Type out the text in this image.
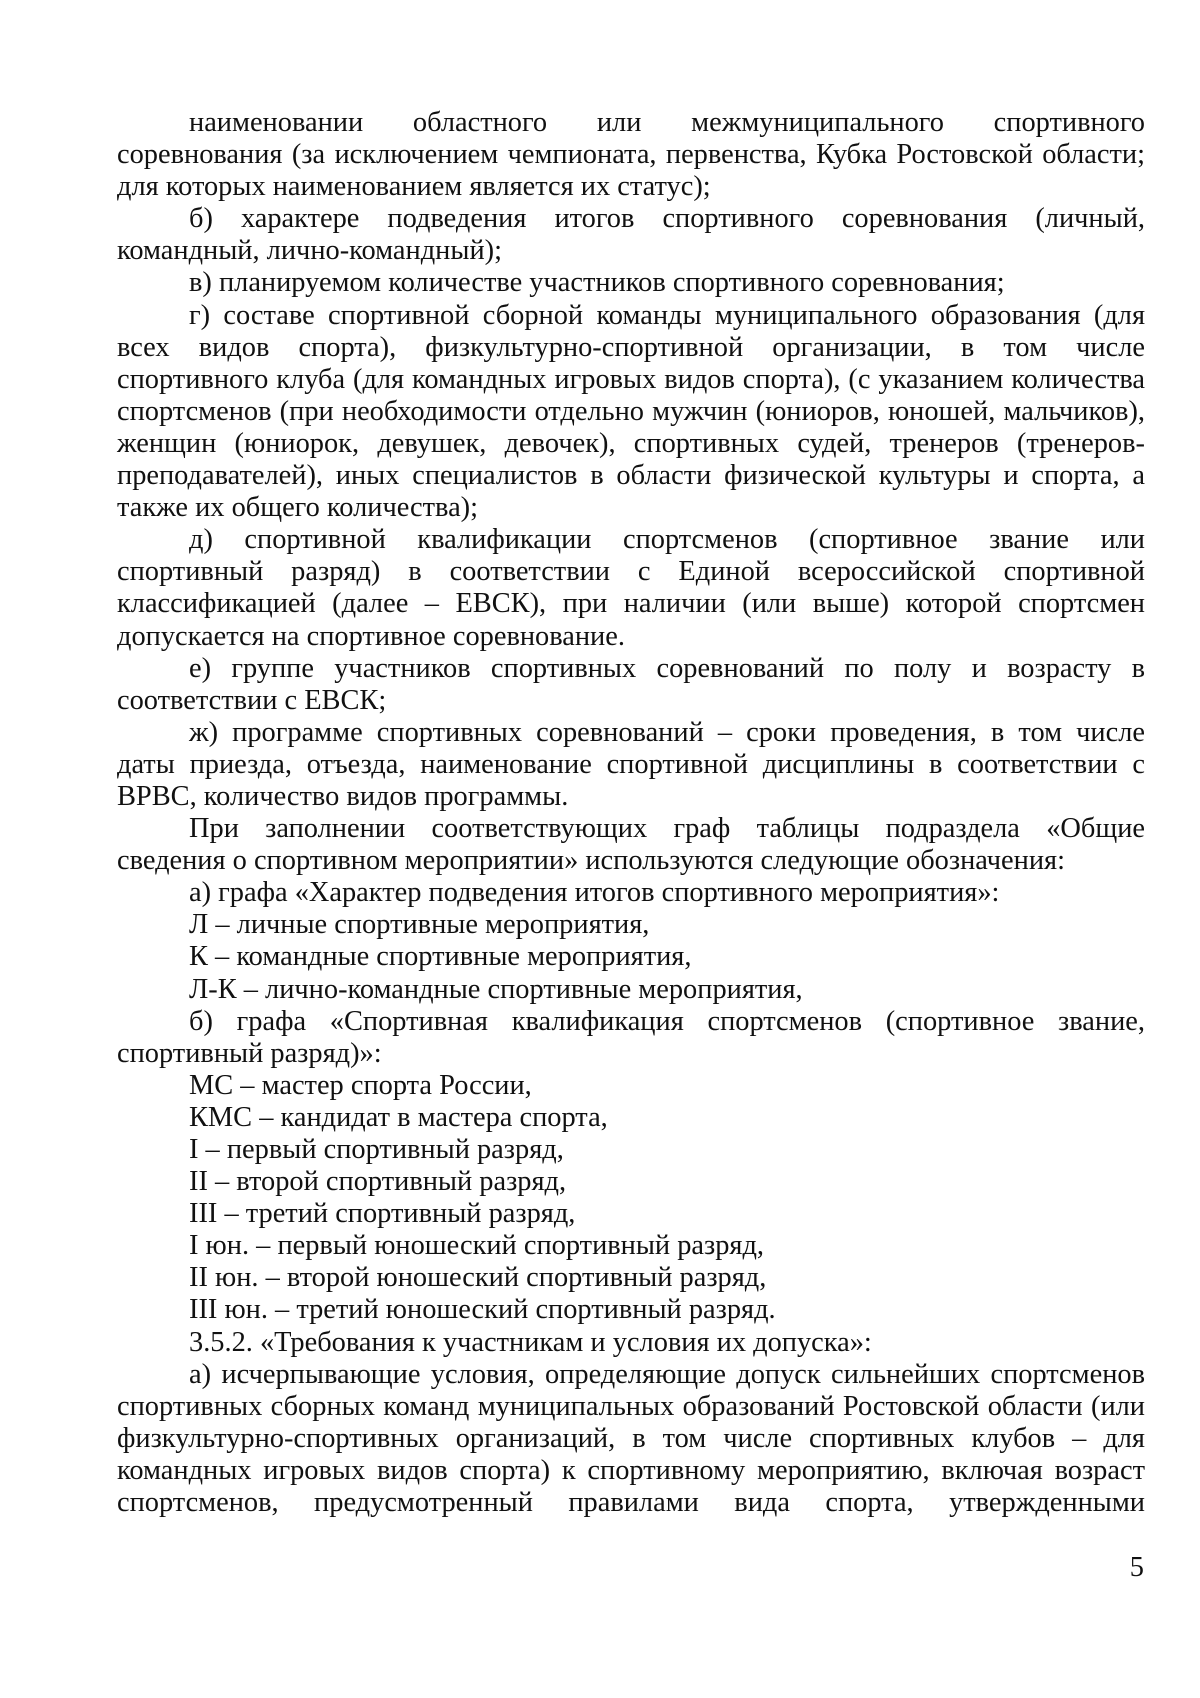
наименовании областного или межмуниципального спортивного соревнования (за исключением чемпионата, первенства, Кубка Ростовской области; для которых наименованием является их статус);

б) характере подведения итогов спортивного соревнования (личный, командный, лично-командный);

в) планируемом количестве участников спортивного соревнования;

г) составе спортивной сборной команды муниципального образования (для всех видов спорта), физкультурно-спортивной организации, в том числе спортивного клуба (для командных игровых видов спорта), (с указанием количества спортсменов (при необходимости отдельно мужчин (юниоров, юношей, мальчиков), женщин (юниорок, девушек, девочек), спортивных судей, тренеров (тренеров-преподавателей), иных специалистов в области физической культуры и спорта, а также их общего количества);

д) спортивной квалификации спортсменов (спортивное звание или спортивный разряд) в соответствии с Единой всероссийской спортивной классификацией (далее – ЕВСК), при наличии (или выше) которой спортсмен допускается на спортивное соревнование.

е) группе участников спортивных соревнований по полу и возрасту в соответствии с ЕВСК;

ж) программе спортивных соревнований – сроки проведения, в том числе даты приезда, отъезда, наименование спортивной дисциплины в соответствии с ВРВС, количество видов программы.

При заполнении соответствующих граф таблицы подраздела «Общие сведения о спортивном мероприятии» используются следующие обозначения:

а) графа «Характер подведения итогов спортивного мероприятия»:

Л – личные спортивные мероприятия,

К – командные спортивные мероприятия,

Л-К – лично-командные спортивные мероприятия,

б) графа «Спортивная квалификация спортсменов (спортивное звание, спортивный разряд)»:

МС – мастер спорта России,

КМС – кандидат в мастера спорта,

I – первый спортивный разряд,

II – второй спортивный разряд,

III – третий спортивный разряд,

I юн. – первый юношеский спортивный разряд,

II юн. – второй юношеский спортивный разряд,

III юн. – третий юношеский спортивный разряд.

3.5.2. «Требования к участникам и условия их допуска»:

а) исчерпывающие условия, определяющие допуск сильнейших спортсменов спортивных сборных команд муниципальных образований Ростовской области (или физкультурно-спортивных организаций, в том числе спортивных клубов – для командных игровых видов спорта) к спортивному мероприятию, включая возраст спортсменов, предусмотренный правилами вида спорта, утвержденными

5
